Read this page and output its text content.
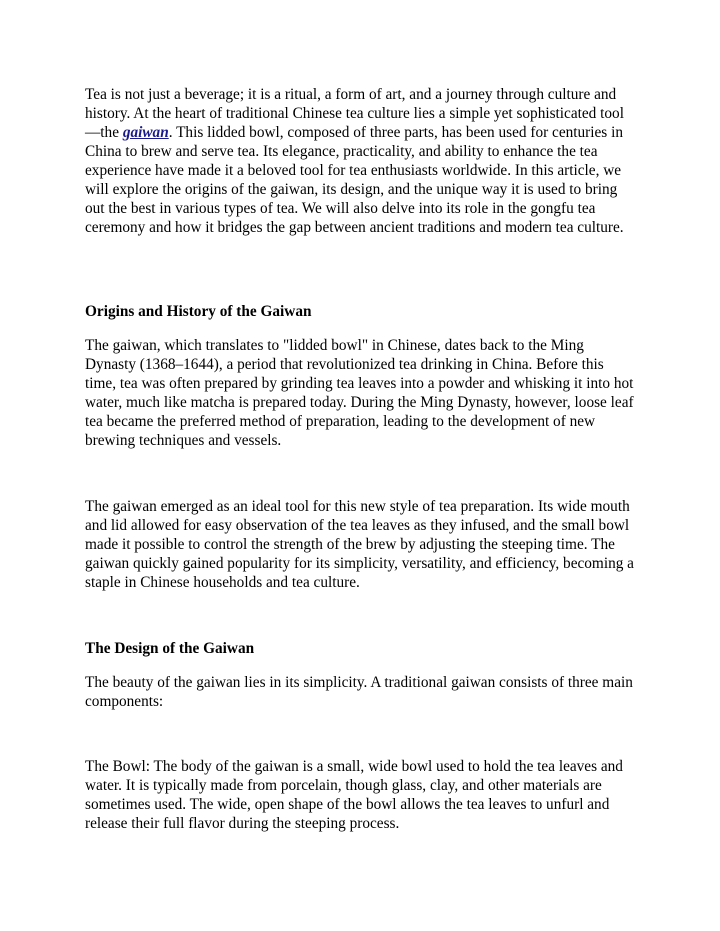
Tea is not just a beverage; it is a ritual, a form of art, and a journey through culture and history. At the heart of traditional Chinese tea culture lies a simple yet sophisticated tool—the gaiwan. This lidded bowl, composed of three parts, has been used for centuries in China to brew and serve tea. Its elegance, practicality, and ability to enhance the tea experience have made it a beloved tool for tea enthusiasts worldwide. In this article, we will explore the origins of the gaiwan, its design, and the unique way it is used to bring out the best in various types of tea. We will also delve into its role in the gongfu tea ceremony and how it bridges the gap between ancient traditions and modern tea culture.

Origins and History of the Gaiwan

The gaiwan, which translates to "lidded bowl" in Chinese, dates back to the Ming Dynasty (1368–1644), a period that revolutionized tea drinking in China. Before this time, tea was often prepared by grinding tea leaves into a powder and whisking it into hot water, much like matcha is prepared today. During the Ming Dynasty, however, loose leaf tea became the preferred method of preparation, leading to the development of new brewing techniques and vessels.

The gaiwan emerged as an ideal tool for this new style of tea preparation. Its wide mouth and lid allowed for easy observation of the tea leaves as they infused, and the small bowl made it possible to control the strength of the brew by adjusting the steeping time. The gaiwan quickly gained popularity for its simplicity, versatility, and efficiency, becoming a staple in Chinese households and tea culture.

The Design of the Gaiwan

The beauty of the gaiwan lies in its simplicity. A traditional gaiwan consists of three main components:

The Bowl: The body of the gaiwan is a small, wide bowl used to hold the tea leaves and water. It is typically made from porcelain, though glass, clay, and other materials are sometimes used. The wide, open shape of the bowl allows the tea leaves to unfurl and release their full flavor during the steeping process.
